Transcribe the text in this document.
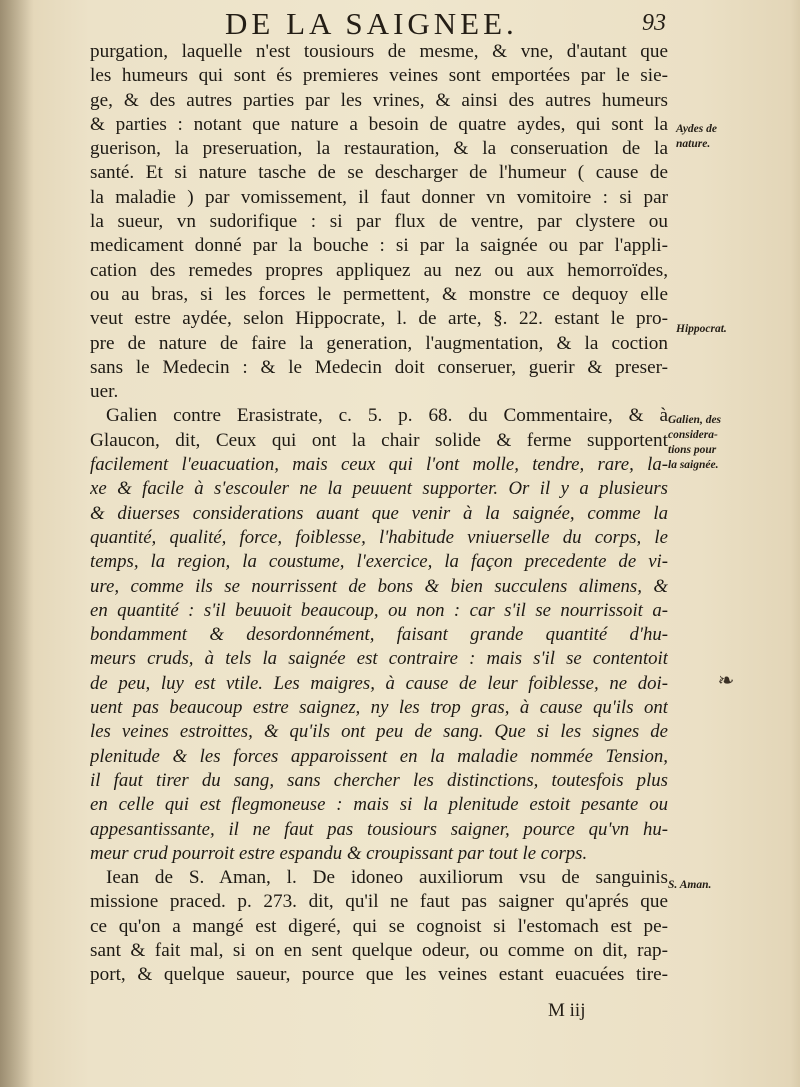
DE LA SAIGNEE.	93
purgation, laquelle n'est tousiours de mesme, & vne, d'autant que
les humeurs qui sont és premieres veines sont emportées par le sie-
ge, & des autres parties par les vrines, & ainsi des autres humeurs
& parties : notant que nature a besoin de quatre aydes, qui sont la
guerison, la preseruation, la restauration, & la conseruation de la
santé. Et si nature tasche de se descharger de l'humeur ( cause de
la maladie ) par vomissement, il faut donner vn vomitoire : si par
la sueur, vn sudorifique : si par flux de ventre, par clystere ou
medicament donné par la bouche : si par la saignée ou par l'appli-
cation des remedes propres appliquez au nez ou aux hemorroïdes,
ou au bras, si les forces le permettent, & monstre ce dequoy elle
veut estre aydée, selon Hippocrate, l. de arte, §. 22. estant le pro-
pre de nature de faire la generation, l'augmentation, & la coction
sans le Medecin : & le Medecin doit conseruer, guerir & preser-
uer.
Galien contre Erasistrate, c. 5. p. 68. du Commentaire, & à
Glaucon, dit, Ceux qui ont la chair solide & ferme supportent
facilement l'euacuation, mais ceux qui l'ont molle, tendre, rare, la-
xe & facile à s'escouler ne la peuuent supporter. Or il y a plusieurs
& diuerses considerations auant que venir à la saignée, comme la
quantité, qualité, force, foiblesse, l'habitude vniuerselle du corps, le
temps, la region, la coustume, l'exercice, la façon precedente de vi-
ure, comme ils se nourrissent de bons & bien succulens alimens, &
en quantité : s'il beuuoit beaucoup, ou non : car s'il se nourrissoit a-
bondamment & desordonnément, faisant grande quantité d'hu-
meurs cruds, à tels la saignée est contraire : mais s'il se contentoit
de peu, luy est vtile. Les maigres, à cause de leur foiblesse, ne doi-
uent pas beaucoup estre saignez, ny les trop gras, à cause qu'ils ont
les veines estroittes, & qu'ils ont peu de sang. Que si les signes de
plenitude & les forces apparoissent en la maladie nommée Tension,
il faut tirer du sang, sans chercher les distinctions, toutesfois plus
en celle qui est flegmoneuse : mais si la plenitude estoit pesante ou
appesantissante, il ne faut pas tousiours saigner, pource qu'vn hu-
meur crud pourroit estre espandu & croupissant par tout le corps.
Iean de S. Aman, l. De idoneo auxiliorum vsu de sanguinis
missione praced. p. 273. dit, qu'il ne faut pas saigner qu'aprés que
ce qu'on a mangé est digeré, qui se cognoist si l'estomach est pe-
sant & fait mal, si on en sent quelque odeur, ou comme on dit, rap-
port, & quelque saueur, pource que les veines estant euacuées tire-
Aydes de
nature.
Hippocrat.
Galien, des
considera-
tions pour
la saignée.
S. Aman.
❧
M iij
